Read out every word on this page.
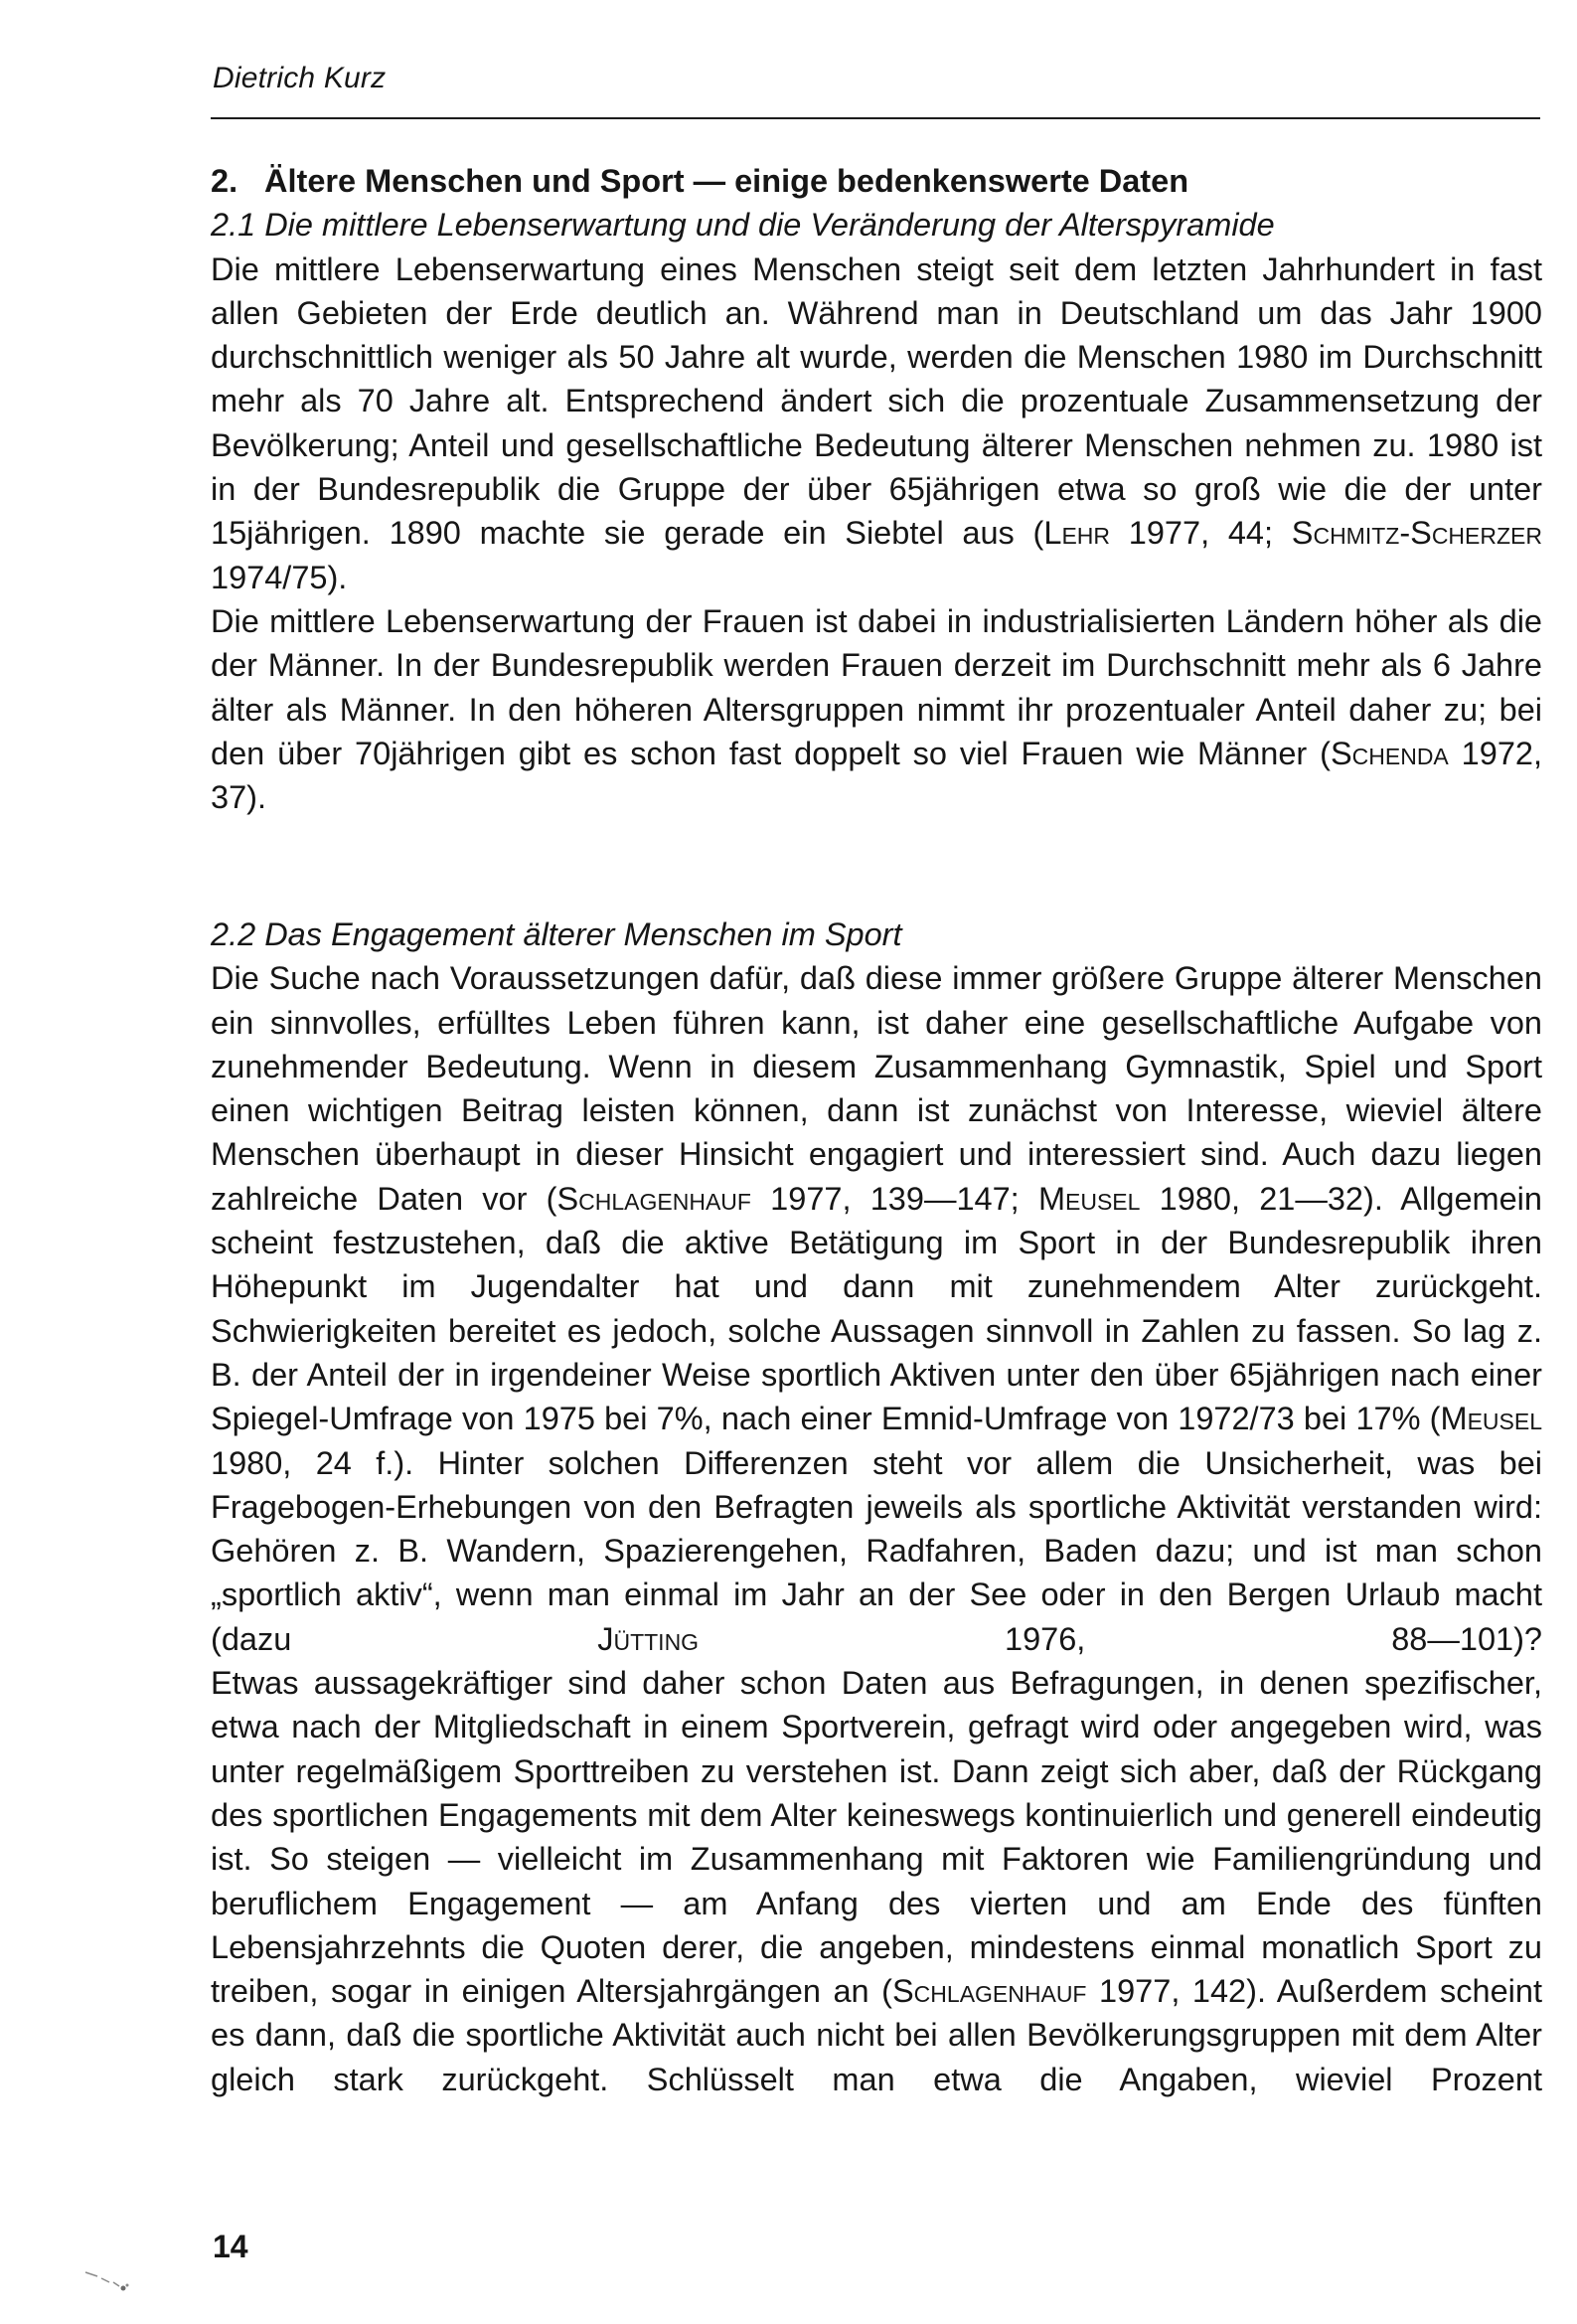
Dietrich Kurz
2. Ältere Menschen und Sport — einige bedenkenswerte Daten
2.1 Die mittlere Lebenserwartung und die Veränderung der Alterspyramide

Die mittlere Lebenserwartung eines Menschen steigt seit dem letzten Jahrhundert in fast allen Gebieten der Erde deutlich an. Während man in Deutschland um das Jahr 1900 durchschnittlich weniger als 50 Jahre alt wurde, werden die Menschen 1980 im Durchschnitt mehr als 70 Jahre alt. Entsprechend ändert sich die prozentuale Zusammensetzung der Bevölkerung; Anteil und gesellschaftliche Bedeutung älterer Menschen nehmen zu. 1980 ist in der Bundesrepublik die Gruppe der über 65jährigen etwa so groß wie die der unter 15jährigen. 1890 machte sie gerade ein Siebtel aus (Lehr 1977, 44; Schmitz-Scherzer 1974/75).

Die mittlere Lebenserwartung der Frauen ist dabei in industrialisierten Ländern höher als die der Männer. In der Bundesrepublik werden Frauen derzeit im Durchschnitt mehr als 6 Jahre älter als Männer. In den höheren Altersgruppen nimmt ihr prozentualer Anteil daher zu; bei den über 70jährigen gibt es schon fast doppelt so viel Frauen wie Männer (Schenda 1972, 37).

2.2 Das Engagement älterer Menschen im Sport

Die Suche nach Voraussetzungen dafür, daß diese immer größere Gruppe älterer Menschen ein sinnvolles, erfülltes Leben führen kann, ist daher eine gesellschaftliche Aufgabe von zunehmender Bedeutung. Wenn in diesem Zusammenhang Gymnastik, Spiel und Sport einen wichtigen Beitrag leisten können, dann ist zunächst von Interesse, wieviel ältere Menschen überhaupt in dieser Hinsicht engagiert und interessiert sind. Auch dazu liegen zahlreiche Daten vor (Schlagenhauf 1977, 139—147; Meusel 1980, 21—32). Allgemein scheint festzustehen, daß die aktive Betätigung im Sport in der Bundesrepublik ihren Höhepunkt im Jugendalter hat und dann mit zunehmendem Alter zurückgeht. Schwierigkeiten bereitet es jedoch, solche Aussagen sinnvoll in Zahlen zu fassen. So lag z. B. der Anteil der in irgendeiner Weise sportlich Aktiven unter den über 65jährigen nach einer Spiegel-Umfrage von 1975 bei 7%, nach einer Emnid-Umfrage von 1972/73 bei 17% (Meusel 1980, 24 f.). Hinter solchen Differenzen steht vor allem die Unsicherheit, was bei Fragebogen-Erhebungen von den Befragten jeweils als sportliche Aktivität verstanden wird: Gehören z. B. Wandern, Spazierengehen, Radfahren, Baden dazu; und ist man schon „sportlich aktiv“, wenn man einmal im Jahr an der See oder in den Bergen Urlaub macht (dazu Jütting 1976, 88—101)?

Etwas aussagekräftiger sind daher schon Daten aus Befragungen, in denen spezifischer, etwa nach der Mitgliedschaft in einem Sportverein, gefragt wird oder angegeben wird, was unter regelmäßigem Sporttreiben zu verstehen ist. Dann zeigt sich aber, daß der Rückgang des sportlichen Engagements mit dem Alter keineswegs kontinuierlich und generell eindeutig ist. So steigen — vielleicht im Zusammenhang mit Faktoren wie Familiengründung und beruflichem Engagement — am Anfang des vierten und am Ende des fünften Lebensjahrzehnts die Quoten derer, die angeben, mindestens einmal monatlich Sport zu treiben, sogar in einigen Altersjahrgängen an (Schlagenhauf 1977, 142). Außerdem scheint es dann, daß die sportliche Aktivität auch nicht bei allen Bevölkerungsgruppen mit dem Alter gleich stark zurückgeht. Schlüsselt man etwa die Angaben, wieviel Prozent

14
